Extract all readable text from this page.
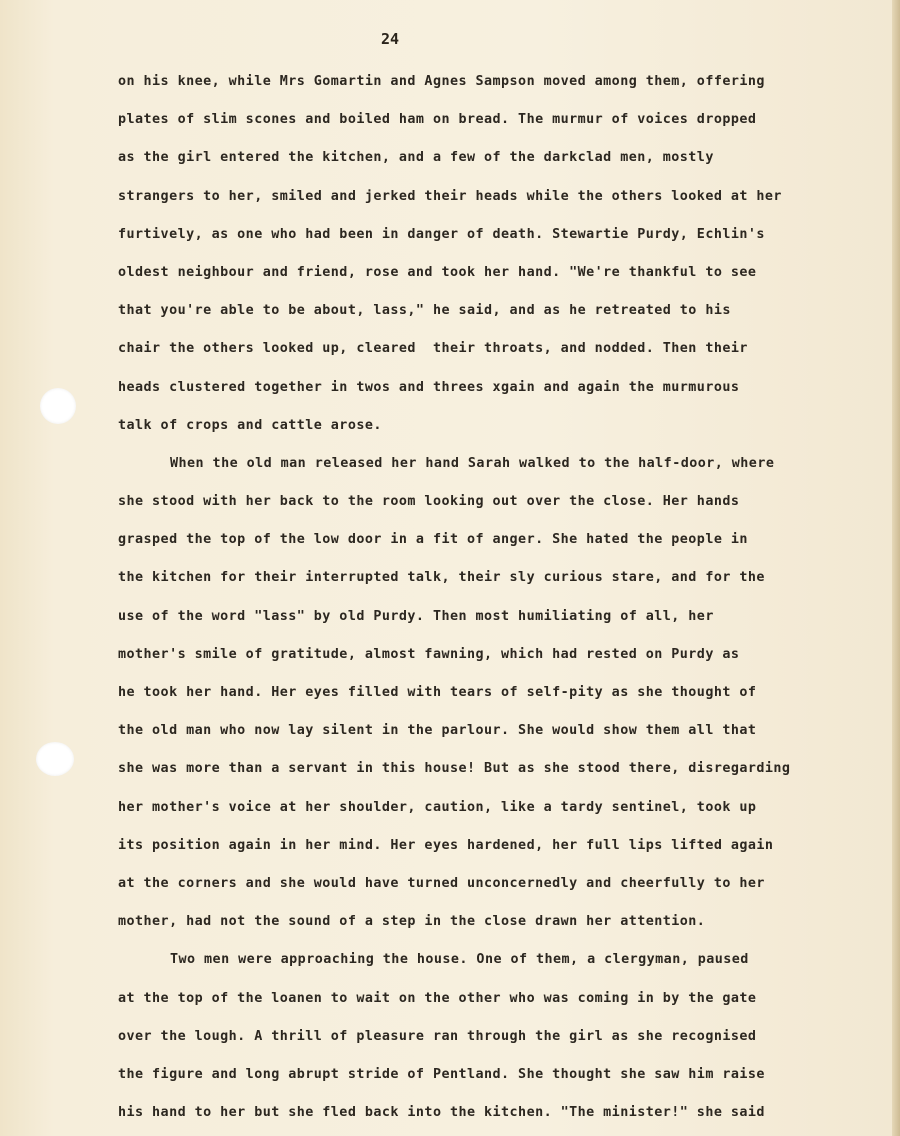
24
on his knee, while Mrs Gomartin and Agnes Sampson moved among them, offering
plates of slim scones and boiled ham on bread. The murmur of voices dropped
as the girl entered the kitchen, and a few of the darkclad men, mostly
strangers to her, smiled and jerked their heads while the others looked at her
furtively, as one who had been in danger of death. Stewartie Purdy, Echlin's
oldest neighbour and friend, rose and took her hand. "We're thankful to see
that you're able to be about, lass," he said, and as he retreated to his
chair the others looked up, cleared  their throats, and nodded. Then their
heads clustered together in twos and threes xgain and again the murmurous
talk of crops and cattle arose.
When the old man released her hand Sarah walked to the half-door, where
she stood with her back to the room looking out over the close. Her hands
grasped the top of the low door in a fit of anger. She hated the people in
the kitchen for their interrupted talk, their sly curious stare, and for the
use of the word "lass" by old Purdy. Then most humiliating of all, her
mother's smile of gratitude, almost fawning, which had rested on Purdy as
he took her hand. Her eyes filled with tears of self-pity as she thought of
the old man who now lay silent in the parlour. She would show them all that
she was more than a servant in this house! But as she stood there, disregarding
her mother's voice at her shoulder, caution, like a tardy sentinel, took up
its position again in her mind. Her eyes hardened, her full lips lifted again
at the corners and she would have turned unconcernedly and cheerfully to her
mother, had not the sound of a step in the close drawn her attention.
Two men were approaching the house. One of them, a clergyman, paused
at the top of the loanen to wait on the other who was coming in by the gate
over the lough. A thrill of pleasure ran through the girl as she recognised
the figure and long abrupt stride of Pentland. She thought she saw him raise
his hand to her but she fled back into the kitchen. "The minister!" she said
